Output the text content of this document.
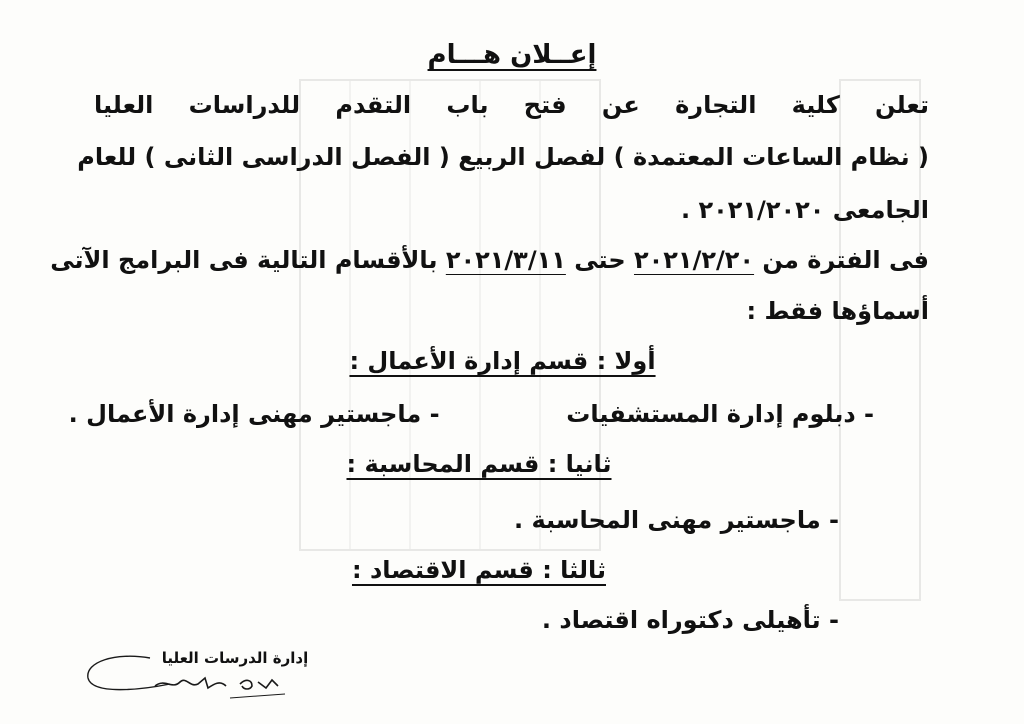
إعــلان هـــام
تعلن كلية التجارة عن فتح باب التقدم للدراسات العليا
( نظام الساعات المعتمدة ) لفصل الربيع ( الفصل الدراسى الثانى ) للعام
الجامعى ٢٠٢١/٢٠٢٠ .
فى الفترة من ٢٠٢١/٢/٢٠ حتى ٢٠٢١/٣/١١ بالأقسام التالية فى البرامج الآتى
أسماؤها فقط :
أولا : قسم إدارة الأعمال :
- دبلوم إدارة المستشفيات  - ماجستير مهنى إدارة الأعمال .
ثانيا : قسم المحاسبة :
- ماجستير مهنى المحاسبة .
ثالثا : قسم الاقتصاد :
- تأهيلى دكتوراه اقتصاد .
إدارة الدرسات العليا
